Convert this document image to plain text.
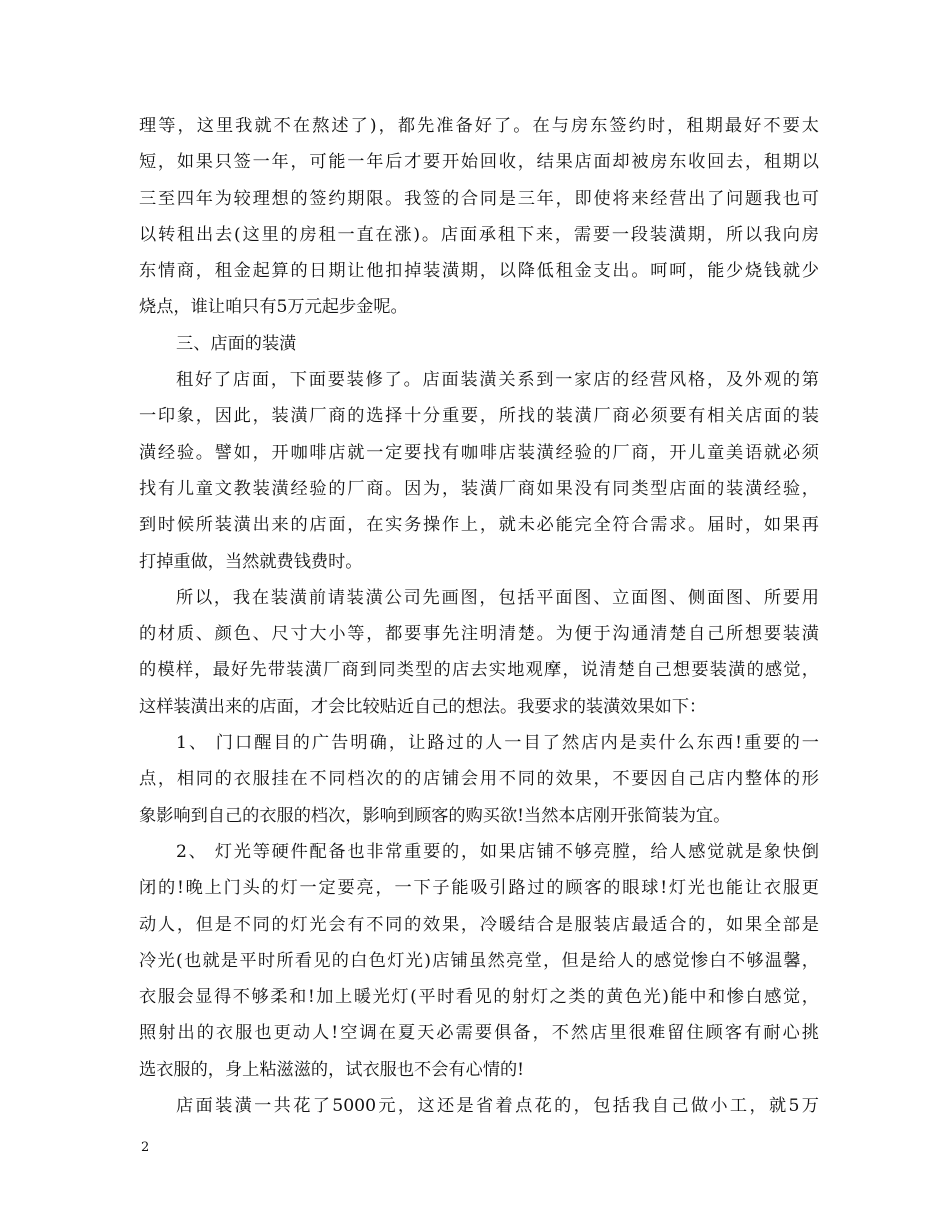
理等，这里我就不在熬述了)，都先准备好了。在与房东签约时，租期最好不要太
短，如果只签一年，可能一年后才要开始回收，结果店面却被房东收回去，租期以
三至四年为较理想的签约期限。我签的合同是三年，即使将来经营出了问题我也可
以转租出去(这里的房租一直在涨)。店面承租下来，需要一段装潢期，所以我向房
东情商，租金起算的日期让他扣掉装潢期，以降低租金支出。呵呵，能少烧钱就少
烧点，谁让咱只有5万元起步金呢。
三、店面的装潢
租好了店面，下面要装修了。店面装潢关系到一家店的经营风格，及外观的第
一印象，因此，装潢厂商的选择十分重要，所找的装潢厂商必须要有相关店面的装
潢经验。譬如，开咖啡店就一定要找有咖啡店装潢经验的厂商，开儿童美语就必须
找有儿童文教装潢经验的厂商。因为，装潢厂商如果没有同类型店面的装潢经验，
到时候所装潢出来的店面，在实务操作上，就未必能完全符合需求。届时，如果再
打掉重做，当然就费钱费时。
所以，我在装潢前请装潢公司先画图，包括平面图、立面图、侧面图、所要用
的材质、颜色、尺寸大小等，都要事先注明清楚。为便于沟通清楚自己所想要装潢
的模样，最好先带装潢厂商到同类型的店去实地观摩，说清楚自己想要装潢的感觉，
这样装潢出来的店面，才会比较贴近自己的想法。我要求的装潢效果如下：
1、 门口醒目的广告明确，让路过的人一目了然店内是卖什么东西!重要的一
点，相同的衣服挂在不同档次的的店铺会用不同的效果，不要因自己店内整体的形
象影响到自己的衣服的档次，影响到顾客的购买欲!当然本店刚开张简装为宜。
2、 灯光等硬件配备也非常重要的，如果店铺不够亮膛，给人感觉就是象快倒
闭的!晚上门头的灯一定要亮，一下子能吸引路过的顾客的眼球!灯光也能让衣服更
动人，但是不同的灯光会有不同的效果，冷暖结合是服装店最适合的，如果全部是
冷光(也就是平时所看见的白色灯光)店铺虽然亮堂，但是给人的感觉惨白不够温馨，
衣服会显得不够柔和!加上暖光灯(平时看见的射灯之类的黄色光)能中和惨白感觉，
照射出的衣服也更动人!空调在夏天必需要俱备，不然店里很难留住顾客有耐心挑
选衣服的，身上粘滋滋的，试衣服也不会有心情的!
店面装潢一共花了5000元，这还是省着点花的，包括我自己做小工，就5万
2
